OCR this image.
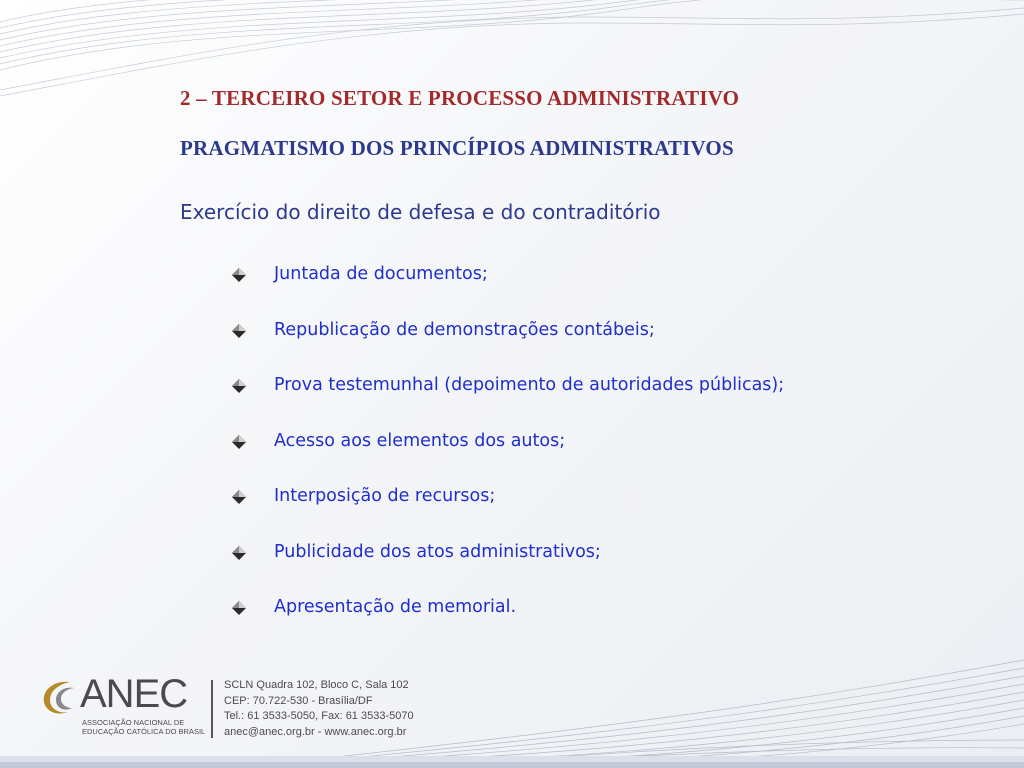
2 – TERCEIRO SETOR E PROCESSO ADMINISTRATIVO
PRAGMATISMO DOS PRINCÍPIOS ADMINISTRATIVOS
Exercício do direito de defesa e do contraditório
Juntada de documentos;
Republicação de demonstrações contábeis;
Prova testemunhal (depoimento de autoridades públicas);
Acesso aos elementos dos autos;
Interposição de recursos;
Publicidade dos atos administrativos;
Apresentação de memorial.
ANEC
ASSOCIAÇÃO NACIONAL DE
EDUCAÇÃO CATÓLICA DO BRASIL
SCLN Quadra 102, Bloco C, Sala 102
CEP: 70.722-530 - Brasília/DF
Tel.: 61 3533-5050, Fax: 61 3533-5070
anec@anec.org.br - www.anec.org.br
